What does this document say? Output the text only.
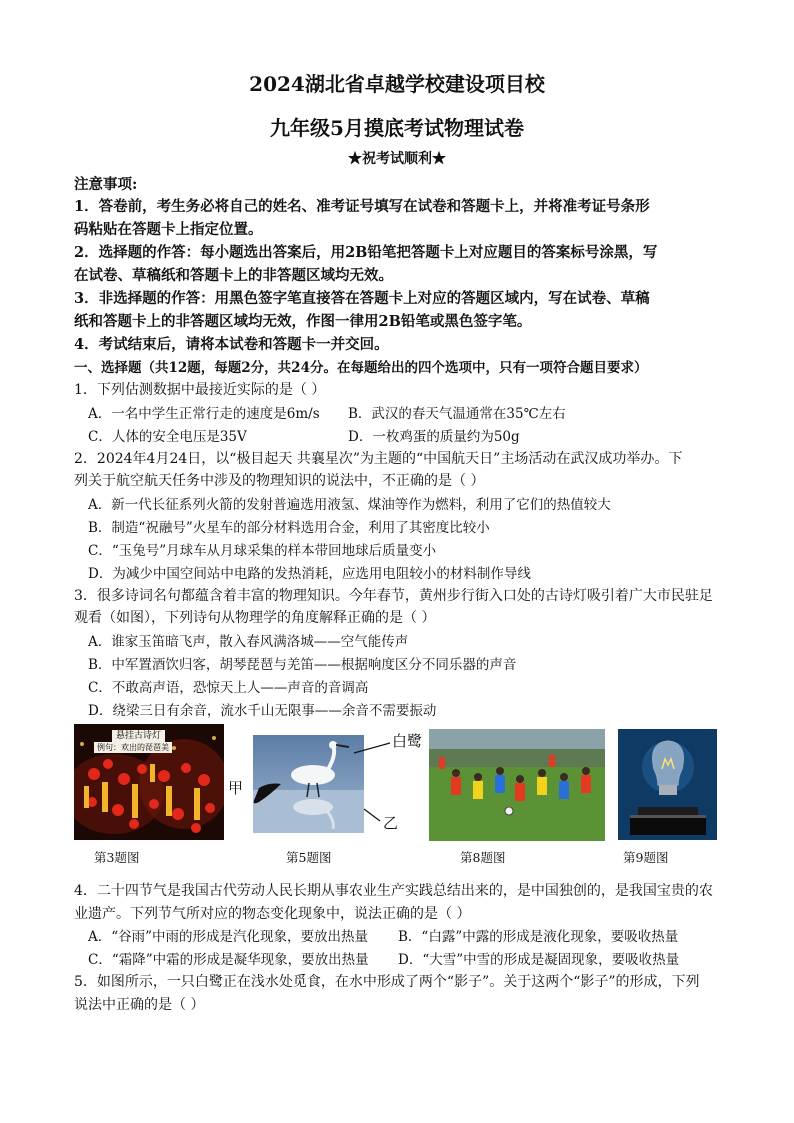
2024湖北省卓越学校建设项目校
九年级5月摸底考试物理试卷
★祝考试顺利★
注意事项:
1．答卷前，考生务必将自己的姓名、准考证号填写在试卷和答题卡上，并将准考证号条形
码粘贴在答题卡上指定位置。
2．选择题的作答：每小题选出答案后，用2B铅笔把答题卡上对应题目的答案标号涂黑，写
在试卷、草稿纸和答题卡上的非答题区域均无效。
3．非选择题的作答：用黑色签字笔直接答在答题卡上对应的答题区域内，写在试卷、草稿
纸和答题卡上的非答题区域均无效，作图一律用2B铅笔或黑色签字笔。
4．考试结束后，请将本试卷和答题卡一并交回。
一、选择题（共12题，每题2分，共24分。在每题给出的四个选项中，只有一项符合题目要求）
1．下列估测数据中最接近实际的是（ ）
A．一名中学生正常行走的速度是6m/s B．武汉的春天气温通常在35℃左右
C．人体的安全电压是35V	D．一枚鸡蛋的质量约为50g
2．2024年4月24日，以“极目起天 共襄星次”为主题的“中国航天日”主场活动在武汉成功举办。下
列关于航空航天任务中涉及的物理知识的说法中，不正确的是（ ）
A．新一代长征系列火箭的发射普遍选用液氢、煤油等作为燃料，利用了它们的热值较大
B．制造“祝融号”火星车的部分材料选用合金，利用了其密度比较小
C．“玉兔号”月球车从月球采集的样本带回地球后质量变小
D．为减少中国空间站中电路的发热消耗，应选用电阻较小的材料制作导线
3．很多诗词名句都蕴含着丰富的物理知识。今年春节，黄州步行街入口处的古诗灯吸引着广大市民驻足
观看（如图），下列诗句从物理学的角度解释正确的是（ ）
A．谁家玉笛暗飞声，散入春风满洛城——空气能传声
B．中军置酒饮归客，胡琴琵琶与羌笛——根据响度区分不同乐器的声音
C．不敢高声语，恐惊天上人——声音的音调高
D．绕梁三日有余音，流水千山无限事——余音不需要振动
悬挂古诗灯
例句：欢出的琵琶美
第3题图
甲
白鹭
乙
第5题图	第8题图	第9题图
4．二十四节气是我国古代劳动人民长期从事农业生产实践总结出来的，是中国独创的，是我国宝贵的农
业遗产。下列节气所对应的物态变化现象中，说法正确的是（ ）
A．“谷雨”中雨的形成是汽化现象，要放出热量 B．“白露”中露的形成是液化现象，要吸收热量
C．“霜降”中霜的形成是凝华现象，要放出热量 D．“大雪”中雪的形成是凝固现象，要吸收热量
5．如图所示，一只白鹭正在浅水处觅食，在水中形成了两个“影子”。关于这两个“影子”的形成，下列
说法中正确的是（ ）
